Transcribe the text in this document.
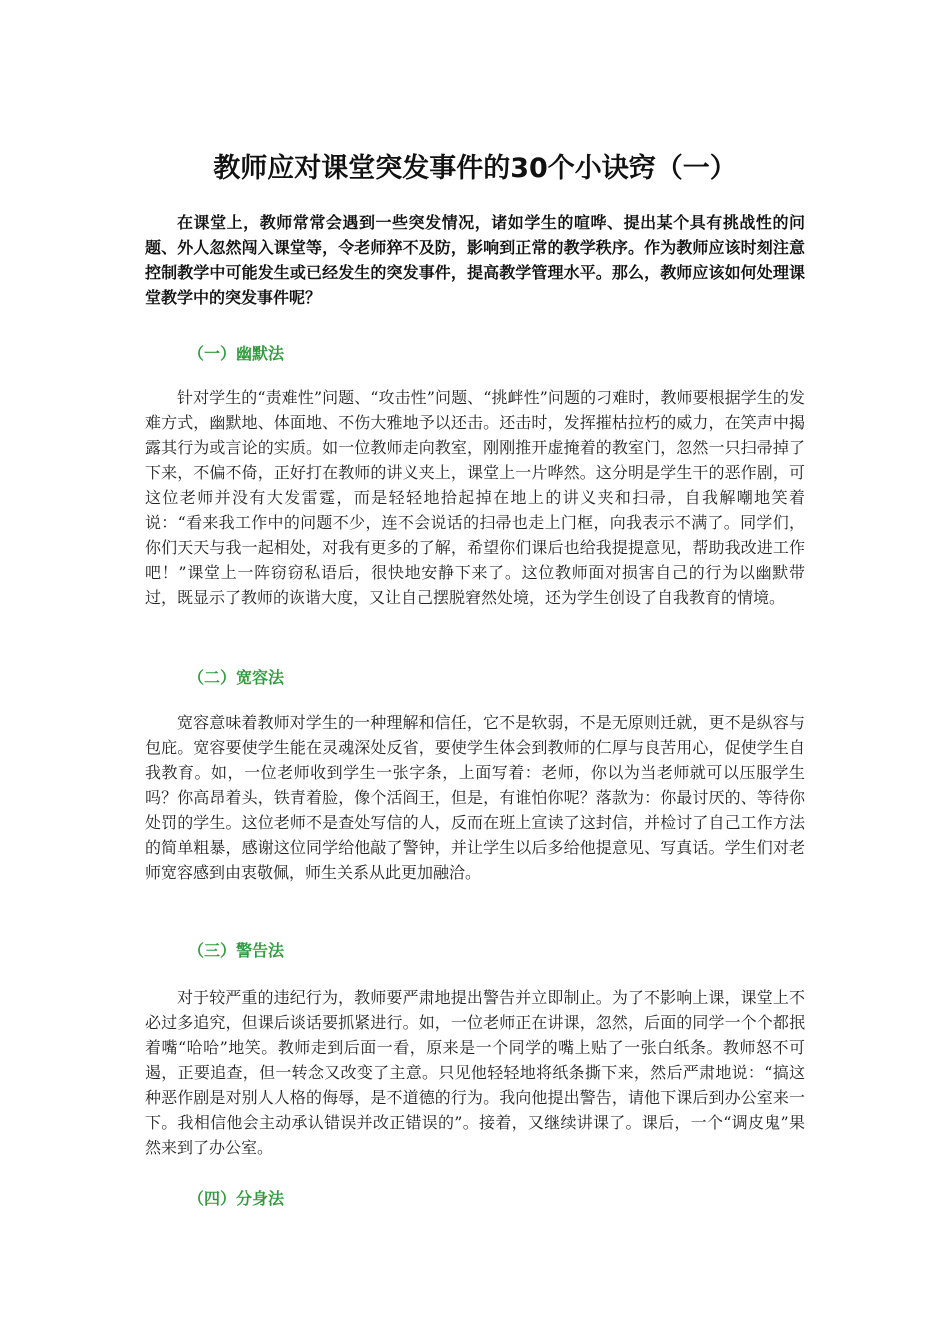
教师应对课堂突发事件的30个小诀窍（一）

在课堂上，教师常常会遇到一些突发情况，诸如学生的喧哗、提出某个具有挑战性的问题、外人忽然闯入课堂等，令老师猝不及防，影响到正常的教学秩序。作为教师应该时刻注意控制教学中可能发生或已经发生的突发事件，提高教学管理水平。那么，教师应该如何处理课堂教学中的突发事件呢？

（一）幽默法

针对学生的“责难性”问题、“攻击性”问题、“挑衅性”问题的刁难时，教师要根据学生的发难方式，幽默地、体面地、不伤大雅地予以还击。还击时，发挥摧枯拉朽的威力，在笑声中揭露其行为或言论的实质。如一位教师走向教室，刚刚推开虚掩着的教室门，忽然一只扫帚掉了下来，不偏不倚，正好打在教师的讲义夹上，课堂上一片哗然。这分明是学生干的恶作剧，可这位老师并没有大发雷霆，而是轻轻地拾起掉在地上的讲义夹和扫帚，自我解嘲地笑着说：“看来我工作中的问题不少，连不会说话的扫帚也走上门框，向我表示不满了。同学们，你们天天与我一起相处，对我有更多的了解，希望你们课后也给我提提意见，帮助我改进工作吧！”课堂上一阵窃窃私语后，很快地安静下来了。这位教师面对损害自己的行为以幽默带过，既显示了教师的诙谐大度，又让自己摆脱窘然处境，还为学生创设了自我教育的情境。

（二）宽容法

宽容意味着教师对学生的一种理解和信任，它不是软弱，不是无原则迁就，更不是纵容与包庇。宽容要使学生能在灵魂深处反省，要使学生体会到教师的仁厚与良苦用心，促使学生自我教育。如，一位老师收到学生一张字条，上面写着：老师，你以为当老师就可以压服学生吗？你高昂着头，铁青着脸，像个活阎王，但是，有谁怕你呢？落款为：你最讨厌的、等待你处罚的学生。这位老师不是查处写信的人，反而在班上宣读了这封信，并检讨了自己工作方法的简单粗暴，感谢这位同学给他敲了警钟，并让学生以后多给他提意见、写真话。学生们对老师宽容感到由衷敬佩，师生关系从此更加融洽。

（三）警告法

对于较严重的违纪行为，教师要严肃地提出警告并立即制止。为了不影响上课，课堂上不必过多追究，但课后谈话要抓紧进行。如，一位老师正在讲课，忽然，后面的同学一个个都抿着嘴“哈哈”地笑。教师走到后面一看，原来是一个同学的嘴上贴了一张白纸条。教师怒不可遏，正要追查，但一转念又改变了主意。只见他轻轻地将纸条撕下来，然后严肃地说：“搞这种恶作剧是对别人人格的侮辱，是不道德的行为。我向他提出警告，请他下课后到办公室来一下。我相信他会主动承认错误并改正错误的”。接着，又继续讲课了。课后，一个“调皮鬼”果然来到了办公室。

（四）分身法
